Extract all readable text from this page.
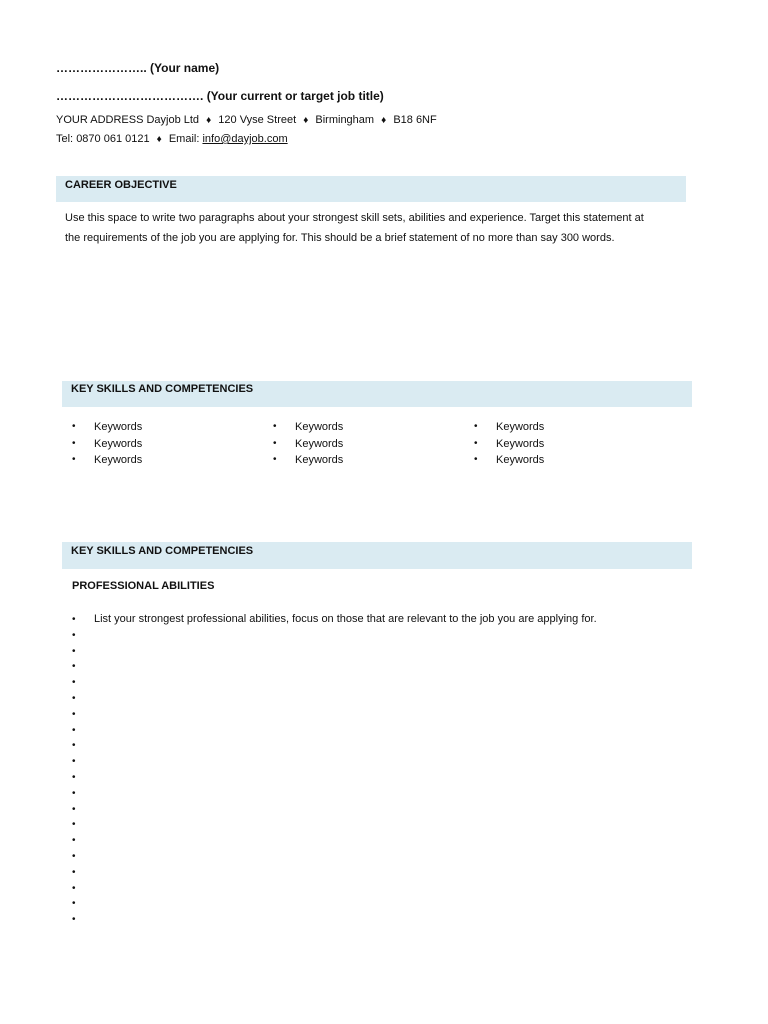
………………….. (Your name)
………………………………. (Your current or target job title)
YOUR ADDRESS Dayjob Ltd ♦ 120 Vyse Street ♦ Birmingham ♦ B18 6NF
Tel: 0870 061 0121 ♦ Email: info@dayjob.com
CAREER OBJECTIVE
Use this space to write two paragraphs about your strongest skill sets, abilities and experience. Target this statement at
the requirements of the job you are applying for. This should be a brief statement of no more than say 300 words.
KEY SKILLS AND COMPETENCIES
• Keywords
• Keywords
• Keywords
• Keywords
• Keywords
• Keywords
• Keywords
• Keywords
• Keywords
KEY SKILLS AND COMPETENCIES
PROFESSIONAL ABILITIES
• List your strongest professional abilities, focus on those that are relevant to the job you are applying for.
•
•
•
•
•
•
•
•
•
•
•
•
•
•
•
•
•
•
•
